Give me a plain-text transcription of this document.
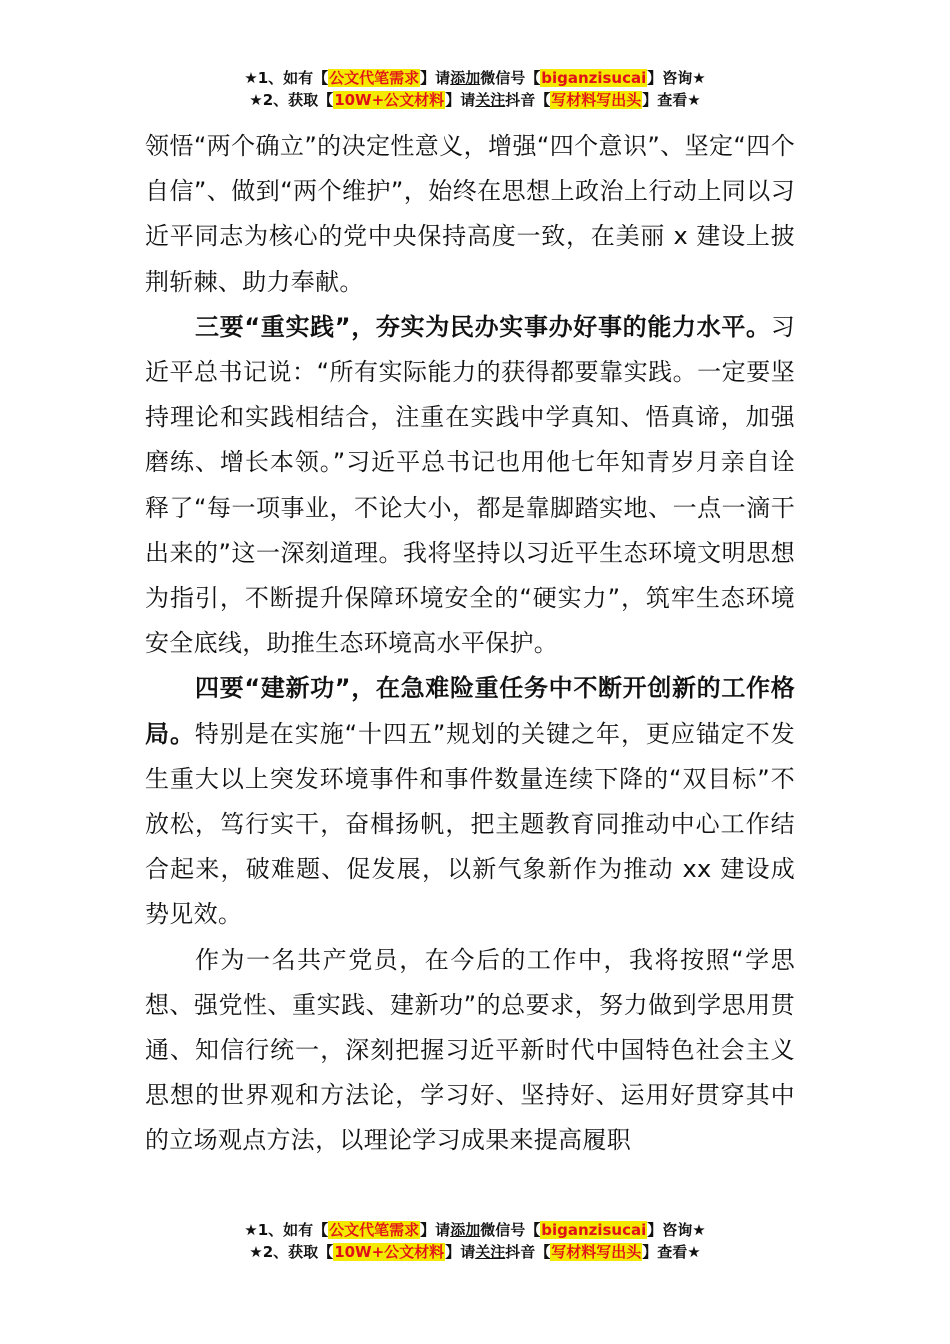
★1、如有【公文代笔需求】请添加微信号【biganzisucai】咨询★
★2、获取【10W+公文材料】请关注抖音【写材料写出头】查看★

领悟“两个确立”的决定性意义，增强“四个意识”、坚定“四个自信”、做到“两个维护”，始终在思想上政治上行动上同以习近平同志为核心的党中央保持高度一致，在美丽 x 建设上披荆斩棘、助力奉献。

三要“重实践”，夯实为民办实事办好事的能力水平。习近平总书记说：“所有实际能力的获得都要靠实践。一定要坚持理论和实践相结合，注重在实践中学真知、悟真谛，加强磨练、增长本领。”习近平总书记也用他七年知青岁月亲自诠释了“每一项事业，不论大小，都是靠脚踏实地、一点一滴干出来的”这一深刻道理。我将坚持以习近平生态环境文明思想为指引，不断提升保障环境安全的“硬实力”，筑牢生态环境安全底线，助推生态环境高水平保护。

四要“建新功”，在急难险重任务中不断开创新的工作格局。特别是在实施“十四五”规划的关键之年，更应锚定不发生重大以上突发环境事件和事件数量连续下降的“双目标”不放松，笃行实干，奋楫扬帆，把主题教育同推动中心工作结合起来，破难题、促发展，以新气象新作为推动 xx 建设成势见效。

作为一名共产党员，在今后的工作中，我将按照“学思想、强党性、重实践、建新功”的总要求，努力做到学思用贯通、知信行统一，深刻把握习近平新时代中国特色社会主义思想的世界观和方法论，学习好、坚持好、运用好贯穿其中的立场观点方法，以理论学习成果来提高履职

★1、如有【公文代笔需求】请添加微信号【biganzisucai】咨询★
★2、获取【10W+公文材料】请关注抖音【写材料写出头】查看★
